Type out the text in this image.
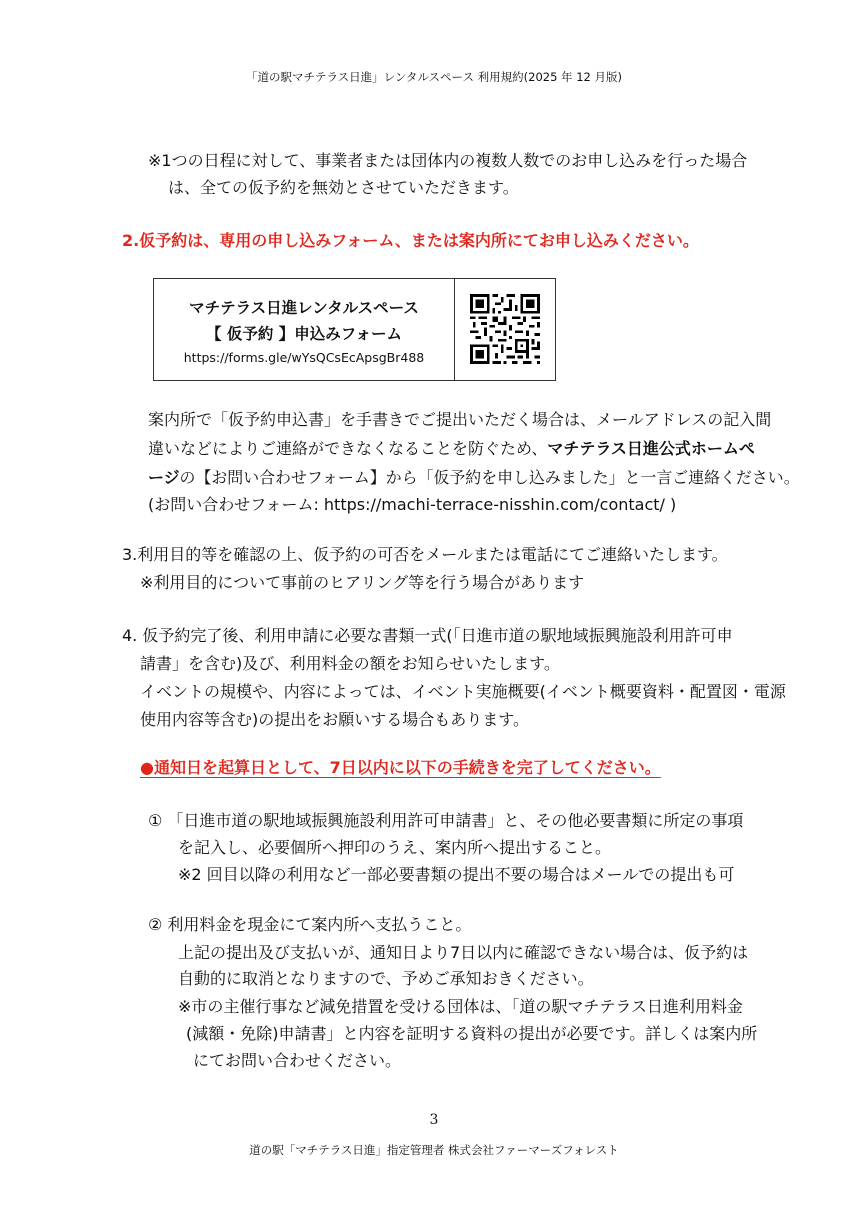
「道の駅マチテラス日進」レンタルスペース 利用規約(2025 年 12 月版)
※1つの日程に対して、事業者または団体内の複数人数でのお申し込みを行った場合
は、全ての仮予約を無効とさせていただきます。
2.仮予約は、専用の申し込みフォーム、または案内所にてお申し込みください。
マチテラス日進レンタルスペース
【 仮予約 】申込みフォーム
https://forms.gle/wYsQCsEcApsgBr488
案内所で「仮予約申込書」を手書きでご提出いただく場合は、メールアドレスの記入間
違いなどによりご連絡ができなくなることを防ぐため、マチテラス日進公式ホームペ
ージの【お問い合わせフォーム】から「仮予約を申し込みました」と一言ご連絡ください。
(お問い合わせフォーム: https://machi-terrace-nisshin.com/contact/ )
3.利用目的等を確認の上、仮予約の可否をメールまたは電話にてご連絡いたします。
※利用目的について事前のヒアリング等を行う場合があります
4. 仮予約完了後、利用申請に必要な書類一式(「日進市道の駅地域振興施設利用許可申
請書」を含む)及び、利用料金の額をお知らせいたします。
イベントの規模や、内容によっては、イベント実施概要(イベント概要資料・配置図・電源
使用内容等含む)の提出をお願いする場合もあります。
●通知日を起算日として、7日以内に以下の手続きを完了してください。
① 「日進市道の駅地域振興施設利用許可申請書」と、その他必要書類に所定の事項
を記入し、必要個所へ押印のうえ、案内所へ提出すること。
※2 回目以降の利用など一部必要書類の提出不要の場合はメールでの提出も可
② 利用料金を現金にて案内所へ支払うこと。
上記の提出及び支払いが、通知日より7日以内に確認できない場合は、仮予約は
自動的に取消となりますので、予めご承知おきください。
※市の主催行事など減免措置を受ける団体は、「道の駅マチテラス日進利用料金
(減額・免除)申請書」と内容を証明する資料の提出が必要です。詳しくは案内所
にてお問い合わせください。
3
道の駅「マチテラス日進」指定管理者 株式会社ファーマーズフォレスト
